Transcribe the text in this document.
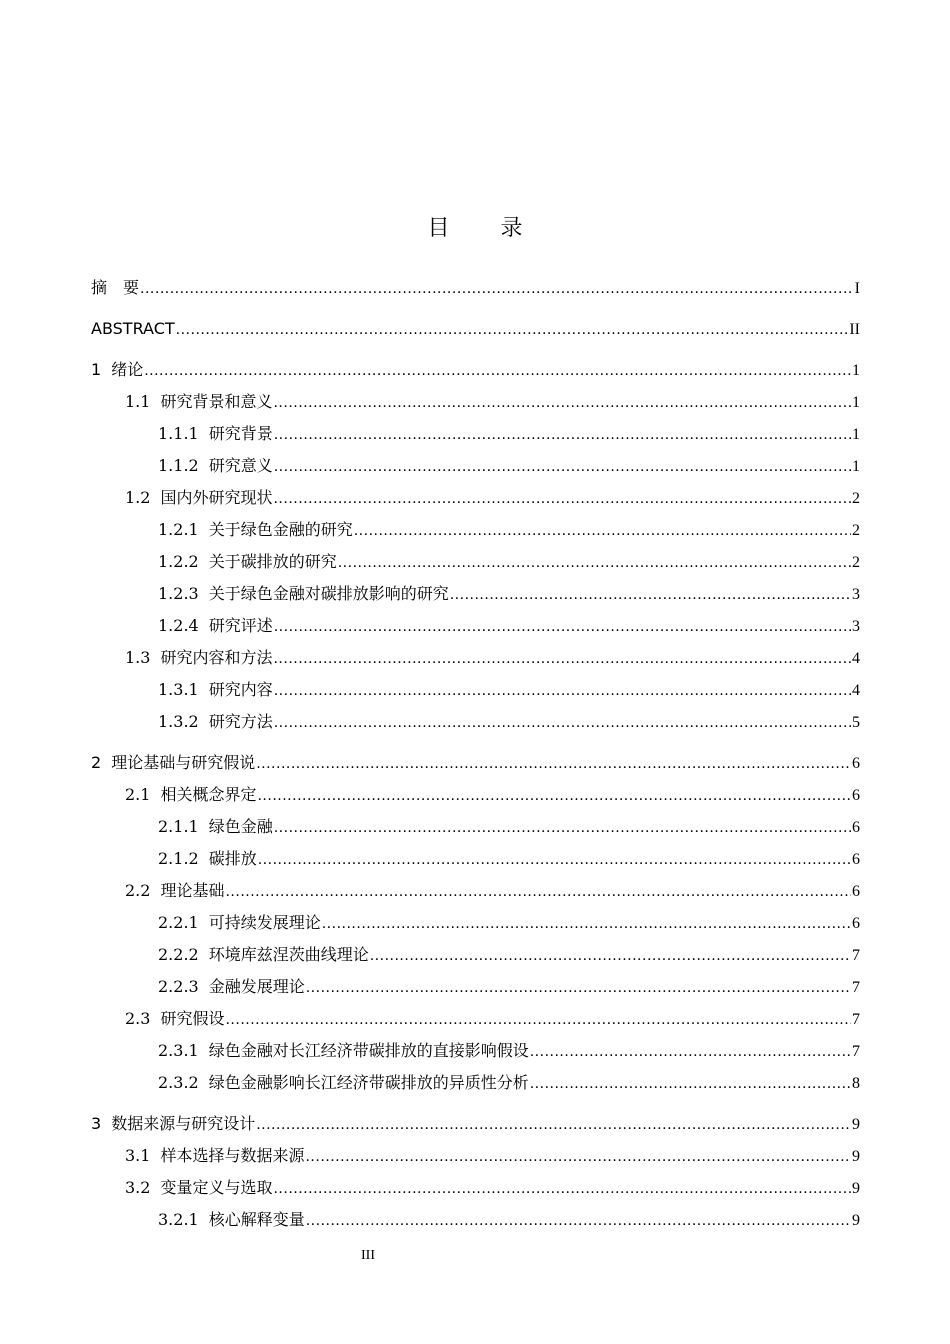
目 录
摘　要 .....	I
ABSTRACT .....	II
1 绪论 .....	1
1.1 研究背景和意义 .....	1
1.1.1 研究背景 .....	1
1.1.2 研究意义 .....	1
1.2 国内外研究现状 .....	2
1.2.1 关于绿色金融的研究 .....	2
1.2.2 关于碳排放的研究 .....	2
1.2.3 关于绿色金融对碳排放影响的研究 .....	3
1.2.4 研究评述 .....	3
1.3 研究内容和方法 .....	4
1.3.1 研究内容 .....	4
1.3.2 研究方法 .....	5
2 理论基础与研究假说 .....	6
2.1 相关概念界定 .....	6
2.1.1 绿色金融 .....	6
2.1.2 碳排放 .....	6
2.2 理论基础 .....	6
2.2.1 可持续发展理论 .....	6
2.2.2 环境库兹涅茨曲线理论 .....	7
2.2.3 金融发展理论 .....	7
2.3 研究假设 .....	7
2.3.1 绿色金融对长江经济带碳排放的直接影响假设 .....	7
2.3.2 绿色金融影响长江经济带碳排放的异质性分析 .....	8
3 数据来源与研究设计 .....	9
3.1 样本选择与数据来源 .....	9
3.2 变量定义与选取 .....	9
3.2.1 核心解释变量 .....	9
III
